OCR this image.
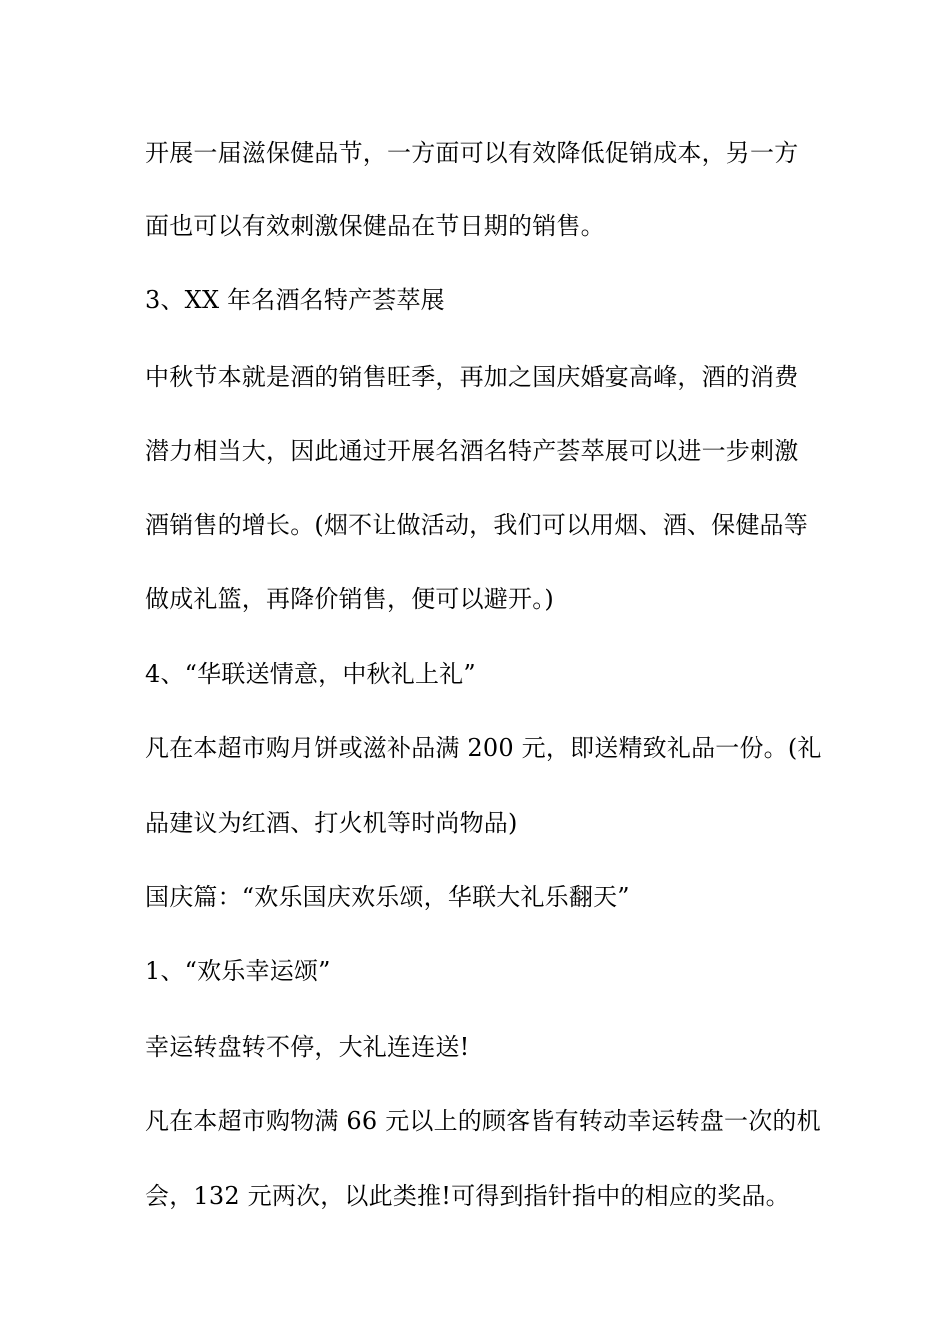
开展一届滋保健品节，一方面可以有效降低促销成本，另一方
面也可以有效刺激保健品在节日期的销售。
3、XX 年名酒名特产荟萃展
中秋节本就是酒的销售旺季，再加之国庆婚宴高峰，酒的消费
潜力相当大，因此通过开展名酒名特产荟萃展可以进一步刺激
酒销售的增长。(烟不让做活动，我们可以用烟、酒、保健品等
做成礼篮，再降价销售，便可以避开。)
4、“华联送情意，中秋礼上礼”
凡在本超市购月饼或滋补品满 200 元，即送精致礼品一份。(礼
品建议为红酒、打火机等时尚物品)
国庆篇：“欢乐国庆欢乐颂，华联大礼乐翻天”
1、“欢乐幸运颂”
幸运转盘转不停，大礼连连送!
凡在本超市购物满 66 元以上的顾客皆有转动幸运转盘一次的机
会，132 元两次，以此类推!可得到指针指中的相应的奖品。
